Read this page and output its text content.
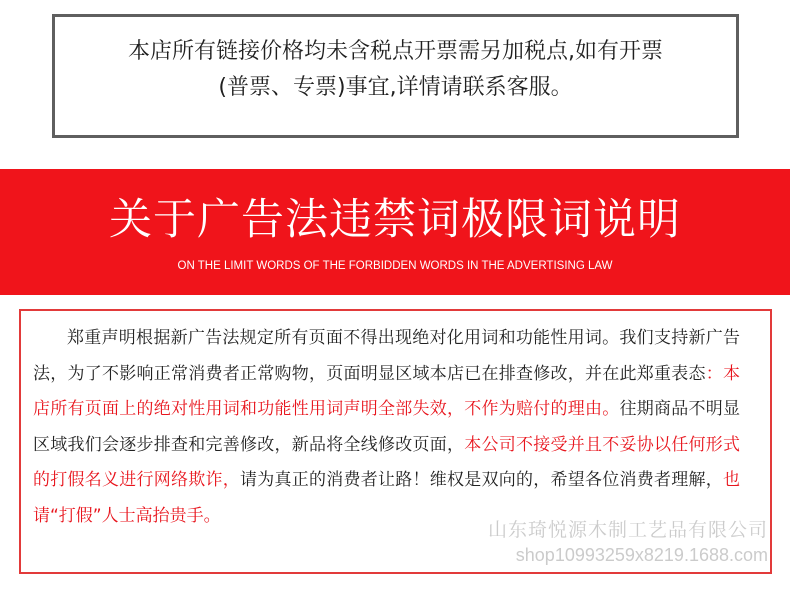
本店所有链接价格均未含税点开票需另加税点,如有开票
(普票、专票)事宜,详情请联系客服。
关于广告法违禁词极限词说明
ON THE LIMIT WORDS OF THE FORBIDDEN WORDS IN THE ADVERTISING LAW

郑重声明根据新广告法规定所有页面不得出现绝对化用词和功能性用词。我们支持新广告法，为了不影响正常消费者正常购物，页面明显区域本店已在排查修改，并在此郑重表态：本店所有页面上的绝对性用词和功能性用词声明全部失效，不作为赔付的理由。往期商品不明显区域我们会逐步排查和完善修改，新品将全线修改页面，本公司不接受并且不妥协以任何形式的打假名义进行网络欺诈，请为真正的消费者让路！维权是双向的，希望各位消费者理解，也请“打假”人士高抬贵手。

山东琦悦源木制工艺品有限公司
shop1099325​9x8219.1688.com
